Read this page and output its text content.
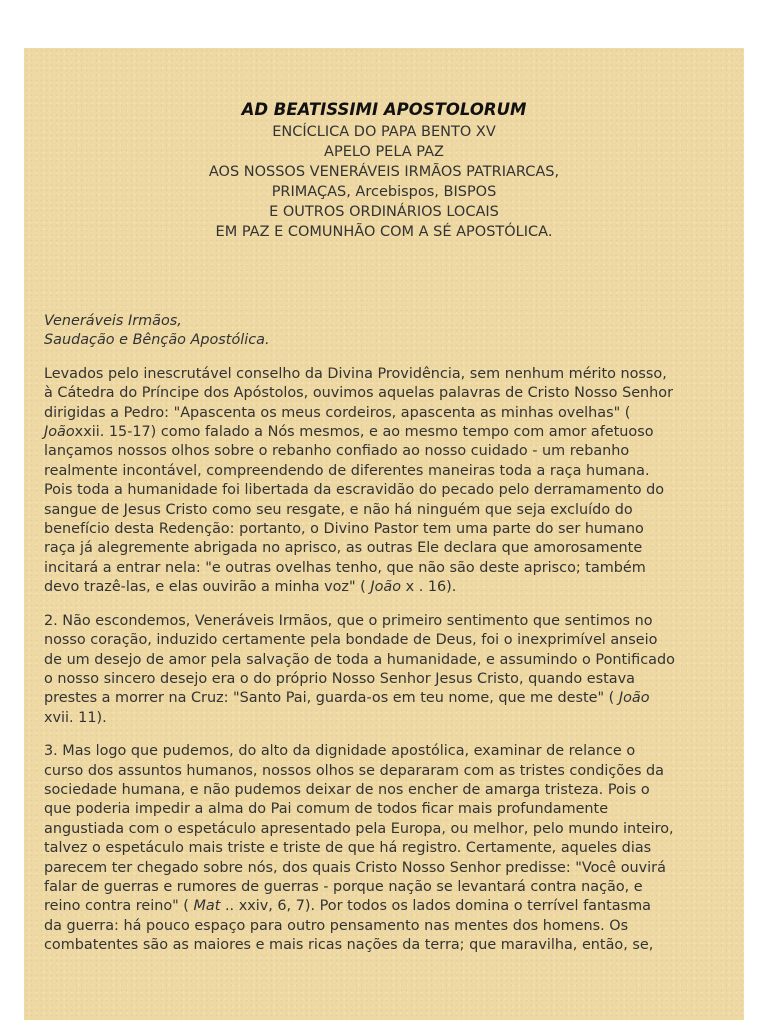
AD BEATISSIMI APOSTOLORUM
ENCÍCLICA DO PAPA BENTO XV
APELO PELA PAZ
AOS NOSSOS VENERÁVEIS IRMÃOS PATRIARCAS,
PRIMAÇAS, Arcebispos, BISPOS
E OUTROS ORDINÁRIOS LOCAIS
EM PAZ E COMUNHÃO COM A SÉ APOSTÓLICA.
Veneráveis Irmãos,
Saudação e Bênção Apostólica.
Levados pelo inescrutável conselho da Divina Providência, sem nenhum mérito nosso,
à Cátedra do Príncipe dos Apóstolos, ouvimos aquelas palavras de Cristo Nosso Senhor
dirigidas a Pedro: "Apascenta os meus cordeiros, apascenta as minhas ovelhas" (
Joãoxxii. 15-17) como falado a Nós mesmos, e ao mesmo tempo com amor afetuoso
lançamos nossos olhos sobre o rebanho confiado ao nosso cuidado - um rebanho
realmente incontável, compreendendo de diferentes maneiras toda a raça humana.
Pois toda a humanidade foi libertada da escravidão do pecado pelo derramamento do
sangue de Jesus Cristo como seu resgate, e não há ninguém que seja excluído do
benefício desta Redenção: portanto, o Divino Pastor tem uma parte do ser humano
raça já alegremente abrigada no aprisco, as outras Ele declara que amorosamente
incitará a entrar nela: "e outras ovelhas tenho, que não são deste aprisco; também
devo trazê-las, e elas ouvirão a minha voz" ( João x . 16).
2. Não escondemos, Veneráveis Irmãos, que o primeiro sentimento que sentimos no
nosso coração, induzido certamente pela bondade de Deus, foi o inexprimível anseio
de um desejo de amor pela salvação de toda a humanidade, e assumindo o Pontificado
o nosso sincero desejo era o do próprio Nosso Senhor Jesus Cristo, quando estava
prestes a morrer na Cruz: "Santo Pai, guarda-os em teu nome, que me deste" ( João
xvii. 11).
3. Mas logo que pudemos, do alto da dignidade apostólica, examinar de relance o
curso dos assuntos humanos, nossos olhos se depararam com as tristes condições da
sociedade humana, e não pudemos deixar de nos encher de amarga tristeza. Pois o
que poderia impedir a alma do Pai comum de todos ficar mais profundamente
angustiada com o espetáculo apresentado pela Europa, ou melhor, pelo mundo inteiro,
talvez o espetáculo mais triste e triste de que há registro. Certamente, aqueles dias
parecem ter chegado sobre nós, dos quais Cristo Nosso Senhor predisse: "Você ouvirá
falar de guerras e rumores de guerras - porque nação se levantará contra nação, e
reino contra reino" ( Mat .. xxiv, 6, 7). Por todos os lados domina o terrível fantasma
da guerra: há pouco espaço para outro pensamento nas mentes dos homens. Os
combatentes são as maiores e mais ricas nações da terra; que maravilha, então, se,
